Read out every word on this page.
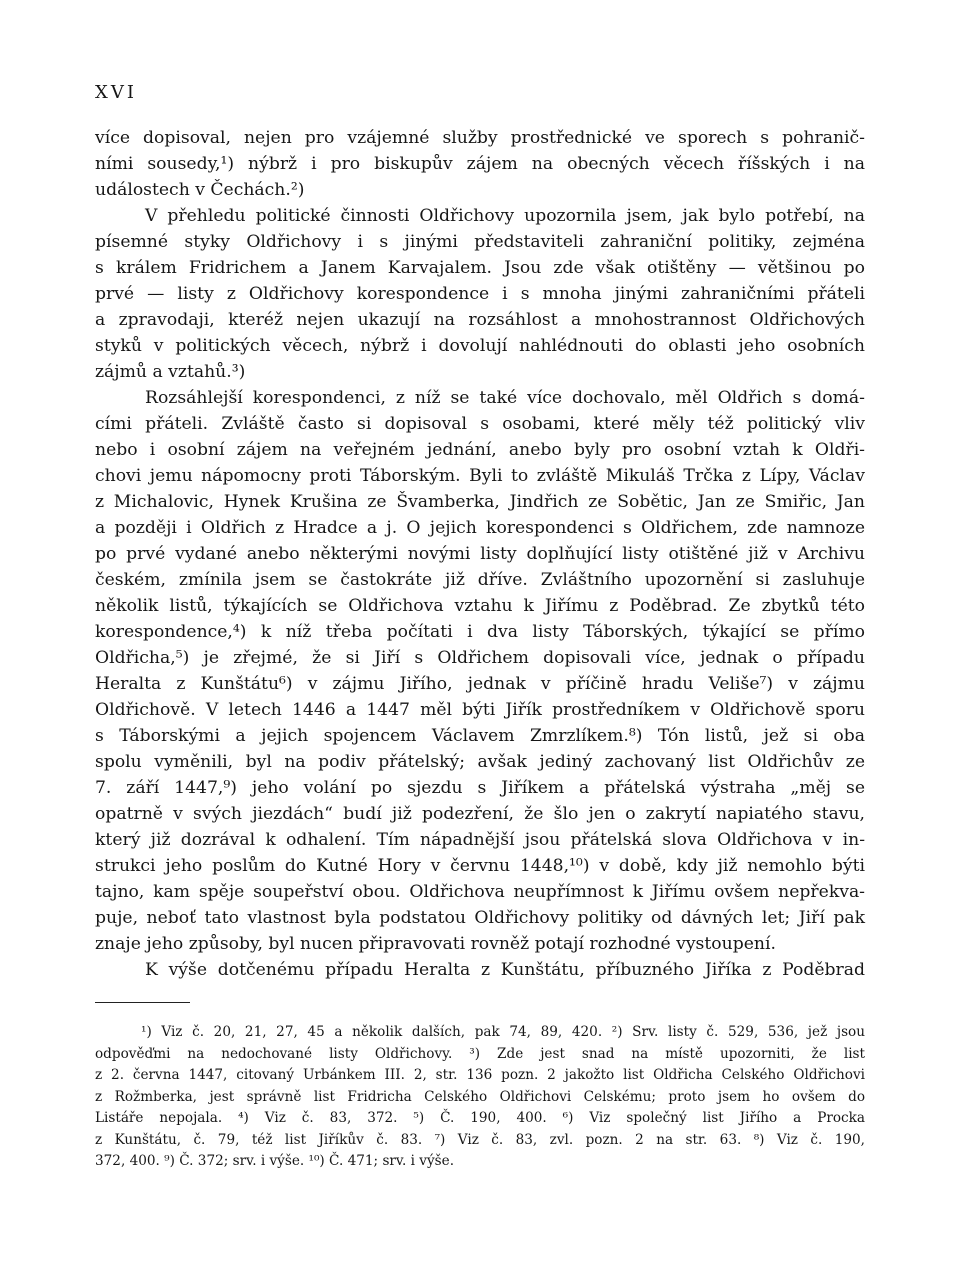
XVI
více dopisoval, nejen pro vzájemné služby prostřednické ve sporech s pohranič-
ními sousedy,¹) nýbrž i pro biskupův zájem na obecných věcech říšských i na
událostech v Čechách.²)
V přehledu politické činnosti Oldřichovy upozornila jsem, jak bylo potřebí, na
písemné styky Oldřichovy i s jinými představiteli zahraniční politiky, zejména
s králem Fridrichem a Janem Karvajalem. Jsou zde však otištěny — většinou po
prvé — listy z Oldřichovy korespondence i s mnoha jinými zahraničními přáteli
a zpravodaji, kteréž nejen ukazují na rozsáhlost a mnohostrannost Oldřichových
styků v politických věcech, nýbrž i dovolují nahlédnouti do oblasti jeho osobních
zájmů a vztahů.³)
Rozsáhlejší korespondenci, z níž se také více dochovalo, měl Oldřich s domá-
cími přáteli. Zvláště často si dopisoval s osobami, které měly též politický vliv
nebo i osobní zájem na veřejném jednání, anebo byly pro osobní vztah k Oldři-
chovi jemu nápomocny proti Táborským. Byli to zvláště Mikuláš Trčka z Lípy, Václav
z Michalovic, Hynek Krušina ze Švamberka, Jindřich ze Sobětic, Jan ze Smiřic, Jan
a později i Oldřich z Hradce a j. O jejich korespondenci s Oldřichem, zde namnoze
po prvé vydané anebo některými novými listy doplňující listy otištěné již v Archivu
českém, zmínila jsem se častokráte již dříve. Zvláštního upozornění si zasluhuje
několik listů, týkajících se Oldřichova vztahu k Jiřímu z Poděbrad. Ze zbytků této
korespondence,⁴) k níž třeba počítati i dva listy Táborských, týkající se přímo
Oldřicha,⁵) je zřejmé, že si Jiří s Oldřichem dopisovali více, jednak o případu
Heralta z Kunštátu⁶) v zájmu Jiřího, jednak v příčině hradu Veliše⁷) v zájmu
Oldřichově. V letech 1446 a 1447 měl býti Jiřík prostředníkem v Oldřichově sporu
s Táborskými a jejich spojencem Václavem Zmrzlíkem.⁸) Tón listů, jež si oba
spolu vyměnili, byl na podiv přátelský; avšak jediný zachovaný list Oldřichův ze
7. září 1447,⁹) jeho volání po sjezdu s Jiříkem a přátelská výstraha „měj se
opatrně v svých jiezdách“ budí již podezření, že šlo jen o zakrytí napiatého stavu,
který již dozrával k odhalení. Tím nápadnější jsou přátelská slova Oldřichova v in-
strukci jeho poslům do Kutné Hory v červnu 1448,¹⁰) v době, kdy již nemohlo býti
tajno, kam spěje soupeřství obou. Oldřichova neupřímnost k Jiřímu ovšem nepřekva-
puje, neboť tato vlastnost byla podstatou Oldřichovy politiky od dávných let; Jiří pak
znaje jeho způsoby, byl nucen připravovati rovněž potají rozhodné vystoupení.
K výše dotčenému případu Heralta z Kunštátu, příbuzného Jiříka z Poděbrad
¹) Viz č. 20, 21, 27, 45 a několik dalších, pak 74, 89, 420. ²) Srv. listy č. 529, 536, jež jsou
odpověďmi na nedochované listy Oldřichovy. ³) Zde jest snad na místě upozorniti, že list
z 2. června 1447, citovaný Urbánkem III. 2, str. 136 pozn. 2 jakožto list Oldřicha Celského Oldřichovi
z Rožmberka, jest správně list Fridricha Celského Oldřichovi Celskému; proto jsem ho ovšem do
Listáře nepojala. ⁴) Viz č. 83, 372. ⁵) Č. 190, 400. ⁶) Viz společný list Jiřího a Procka
z Kunštátu, č. 79, též list Jiříkův č. 83. ⁷) Viz č. 83, zvl. pozn. 2 na str. 63. ⁸) Viz č. 190,
372, 400. ⁹) Č. 372; srv. i výše. ¹⁰) Č. 471; srv. i výše.
